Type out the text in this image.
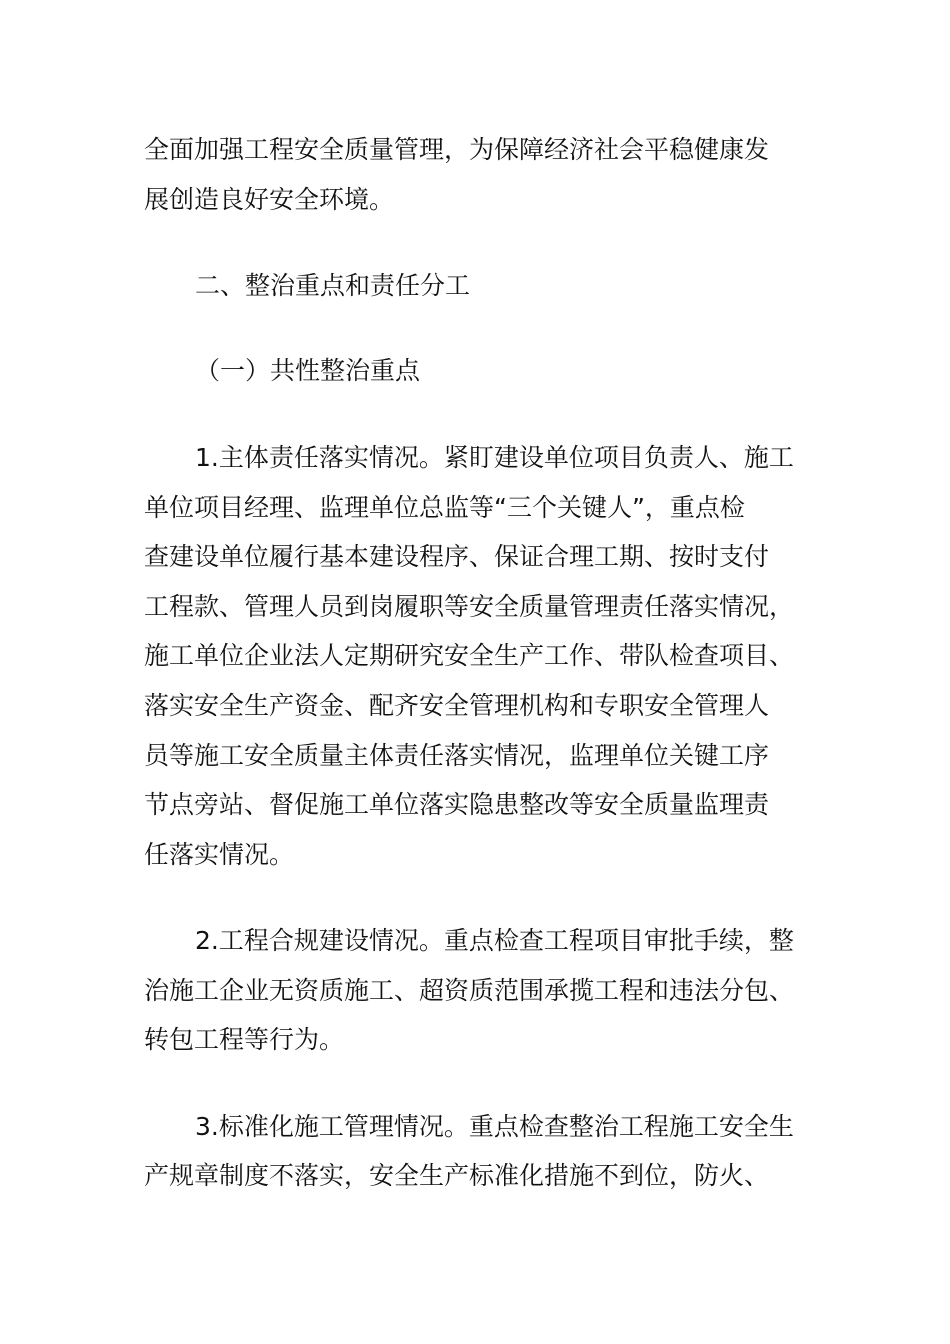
全面加强工程安全质量管理，为保障经济社会平稳健康发
展创造良好安全环境。
二、整治重点和责任分工
（一）共性整治重点
1.主体责任落实情况。紧盯建设单位项目负责人、施工
单位项目经理、监理单位总监等“三个关键人”，重点检
查建设单位履行基本建设程序、保证合理工期、按时支付
工程款、管理人员到岗履职等安全质量管理责任落实情况，
施工单位企业法人定期研究安全生产工作、带队检查项目、
落实安全生产资金、配齐安全管理机构和专职安全管理人
员等施工安全质量主体责任落实情况，监理单位关键工序
节点旁站、督促施工单位落实隐患整改等安全质量监理责
任落实情况。
2.工程合规建设情况。重点检查工程项目审批手续，整
治施工企业无资质施工、超资质范围承揽工程和违法分包、
转包工程等行为。
3.标准化施工管理情况。重点检查整治工程施工安全生
产规章制度不落实，安全生产标准化措施不到位，防火、
